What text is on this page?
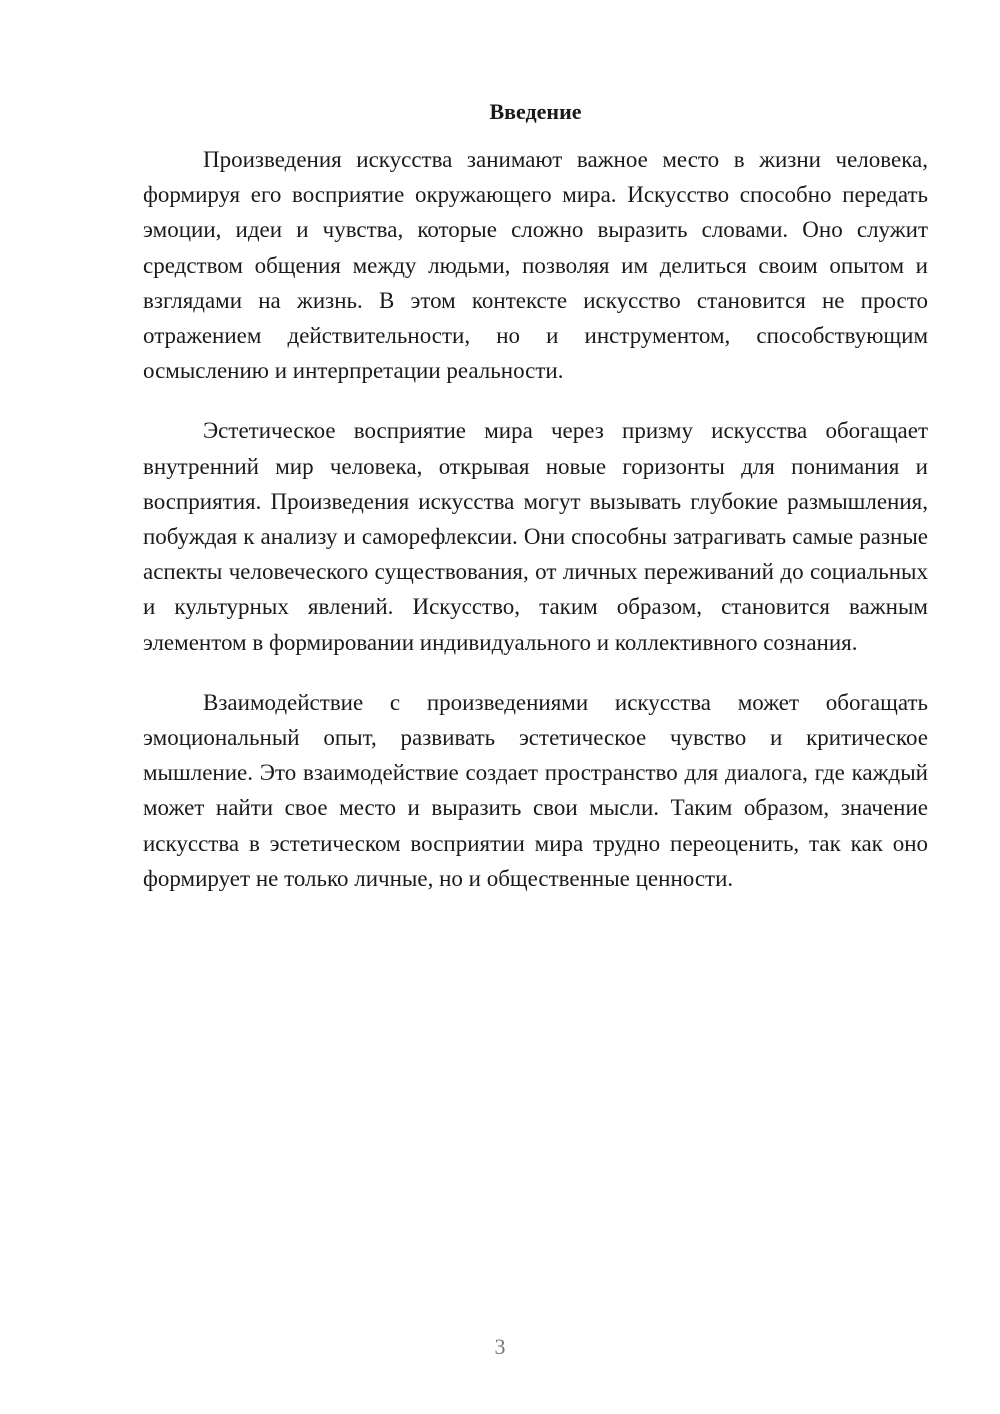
Введение

Произведения искусства занимают важное место в жизни человека, формируя его восприятие окружающего мира. Искусство способно передать эмоции, идеи и чувства, которые сложно выразить словами. Оно служит средством общения между людьми, позволяя им делиться своим опытом и взглядами на жизнь. В этом контексте искусство становится не просто отражением действительности, но и инструментом, способствующим осмыслению и интерпретации реальности.

Эстетическое восприятие мира через призму искусства обогащает внутренний мир человека, открывая новые горизонты для понимания и восприятия. Произведения искусства могут вызывать глубокие размышления, побуждая к анализу и саморефлексии. Они способны затрагивать самые разные аспекты человеческого существования, от личных переживаний до социальных и культурных явлений. Искусство, таким образом, становится важным элементом в формировании индивидуального и коллективного сознания.

Взаимодействие с произведениями искусства может обогащать эмоциональный опыт, развивать эстетическое чувство и критическое мышление. Это взаимодействие создает пространство для диалога, где каждый может найти свое место и выразить свои мысли. Таким образом, значение искусства в эстетическом восприятии мира трудно переоценить, так как оно формирует не только личные, но и общественные ценности.

3
